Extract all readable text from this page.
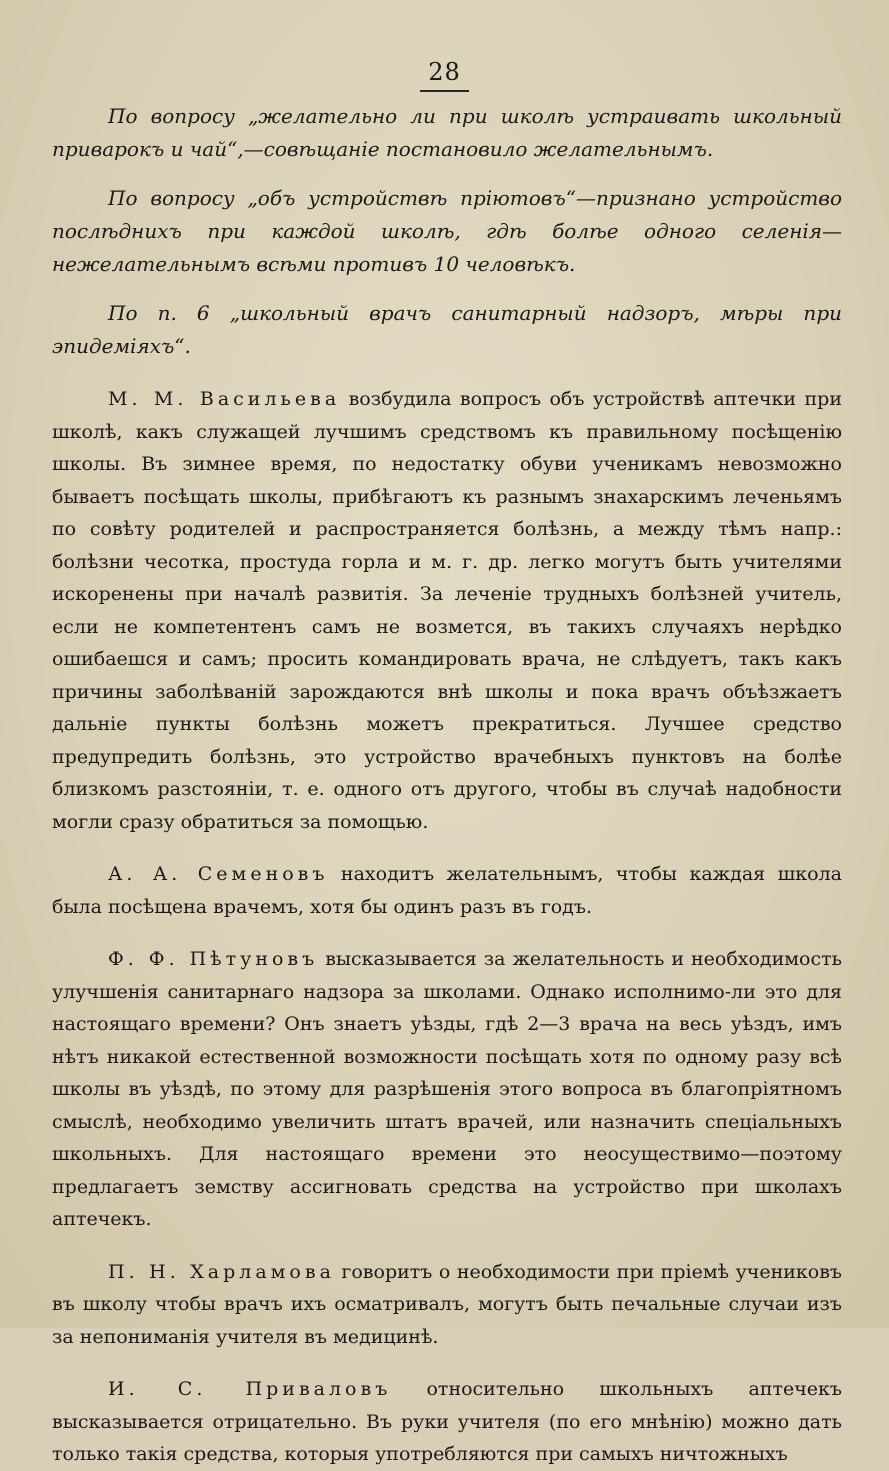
28

По вопросу „желательно ли при школѣ устраивать школьный приварокъ и чай“,—совѣщаніе постановило желательнымъ.

По вопросу „объ устройствѣ пріютовъ“—признано устройство послѣднихъ при каждой школѣ, гдѣ болѣе одного селенія—нежелательнымъ всѣми противъ 10 человѣкъ.

По п. 6 „школьный врачъ санитарный надзоръ, мѣры при эпидеміяхъ“.

М. М. Васильева возбудила вопросъ объ устройствѣ аптечки при школѣ, какъ служащей лучшимъ средствомъ къ правильному посѣщенію школы. Въ зимнее время, по недостатку обуви ученикамъ невозможно бываетъ посѣщать школы, прибѣгаютъ къ разнымъ знахарскимъ леченьямъ по совѣту родителей и распространяется болѣзнь, а между тѣмъ напр.: болѣзни чесотка, простуда горла и м. г. др. легко могутъ быть учителями искоренены при началѣ развитія. За леченіе трудныхъ болѣзней учитель, если не компетентенъ самъ не возмется, въ такихъ случаяхъ нерѣдко ошибаешся и самъ; просить командировать врача, не слѣдуетъ, такъ какъ причины заболѣваній зарождаются внѣ школы и пока врачъ объѣзжаетъ дальніе пункты болѣзнь можетъ прекратиться. Лучшее средство предупредить болѣзнь, это устройство врачебныхъ пунктовъ на болѣе близкомъ разстояніи, т. е. одного отъ другого, чтобы въ случаѣ надобности могли сразу обратиться за помощью.

А. А. Семеновъ находитъ желательнымъ, чтобы каждая школа была посѣщена врачемъ, хотя бы одинъ разъ въ годъ.

Ф. Ф. Пѣтуновъ высказывается за желательность и необходимость улучшенія санитарнаго надзора за школами. Однако исполнимо-ли это для настоящаго времени? Онъ знаетъ уѣзды, гдѣ 2—3 врача на весь уѣздъ, имъ нѣтъ никакой естественной возможности посѣщать хотя по одному разу всѣ школы въ уѣздѣ, по этому для разрѣшенія этого вопроса въ благопріятномъ смыслѣ, необходимо увеличить штатъ врачей, или назначить спеціальныхъ школьныхъ. Для настоящаго времени это неосуществимо—поэтому предлагаетъ земству ассигновать средства на устройство при школахъ аптечекъ.

П. Н. Харламова говоритъ о необходимости при пріемѣ учениковъ въ школу чтобы врачъ ихъ осматривалъ, могутъ быть печальные случаи изъ за непониманія учителя въ медицинѣ.

И. С. Приваловъ относительно школьныхъ аптечекъ высказывается отрицательно. Въ руки учителя (по его мнѣнію) можно дать только такія средства, которыя употребляются при самыхъ ничтожныхъ
